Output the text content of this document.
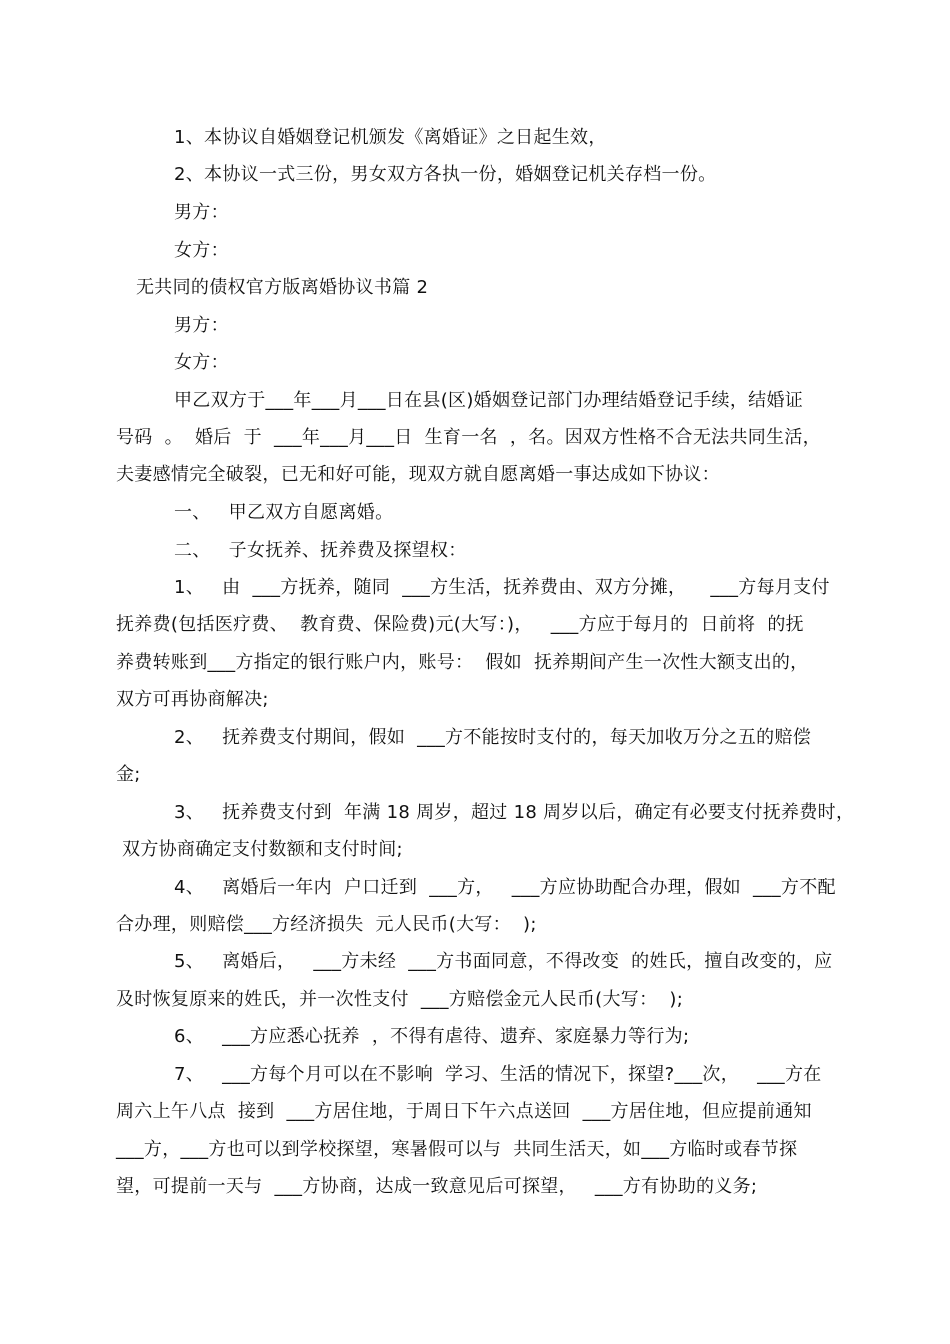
1、本协议自婚姻登记机颁发《离婚证》之日起生效，
2、本协议一式三份，男女双方各执一份，婚姻登记机关存档一份。
男方：
女方：
无共同的债权官方版离婚协议书篇 2
男方：
女方：
甲乙双方于___年___月___日在县(区)婚姻登记部门办理结婚登记手续，结婚证
号码  。  婚后  于  ___年___月___日  生育一名  ，名。因双方性格不合无法共同生活，
夫妻感情完全破裂，已无和好可能，现双方就自愿离婚一事达成如下协议：
一、   甲乙双方自愿离婚。
二、   子女抚养、抚养费及探望权：
1、   由  ___方抚养，随同  ___方生活，抚养费由、双方分摊，    ___方每月支付
抚养费(包括医疗费、  教育费、保险费)元(大写：)，   ___方应于每月的  日前将  的抚
养费转账到___方指定的银行账户内，账号：  假如  抚养期间产生一次性大额支出的，
双方可再协商解决;
2、   抚养费支付期间，假如  ___方不能按时支付的，每天加收万分之五的赔偿
金;
3、   抚养费支付到  年满 18 周岁，超过 18 周岁以后，确定有必要支付抚养费时，
双方协商确定支付数额和支付时间;
4、   离婚后一年内  户口迁到  ___方，   ___方应协助配合办理，假如  ___方不配
合办理，则赔偿___方经济损失  元人民币(大写：  );
5、   离婚后，   ___方未经  ___方书面同意，不得改变  的姓氏，擅自改变的，应
及时恢复原来的姓氏，并一次性支付  ___方赔偿金元人民币(大写：  );
6、   ___方应悉心抚养  ，不得有虐待、遗弃、家庭暴力等行为;
7、   ___方每个月可以在不影响  学习、生活的情况下，探望?___次，   ___方在
周六上午八点  接到  ___方居住地，于周日下午六点送回  ___方居住地，但应提前通知
___方，___方也可以到学校探望，寒暑假可以与  共同生活天，如___方临时或春节探
望，可提前一天与  ___方协商，达成一致意见后可探望，   ___方有协助的义务;
